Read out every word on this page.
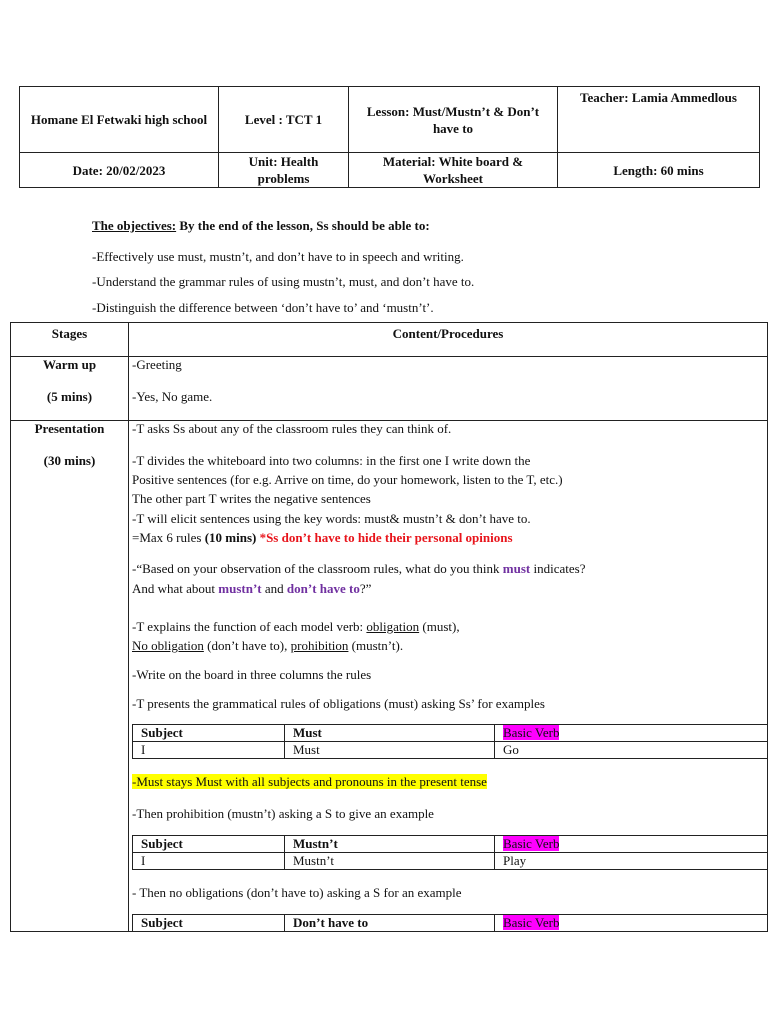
Homane El Fetwaki high school	Level : TCT 1	Lesson: Must/Mustn’t & Don’t have to	Teacher: Lamia Ammedlous
Date: 20/02/2023	Unit: Health problems	Material: White board & Worksheet	Length: 60 mins
The objectives: By the end of the lesson, Ss should be able to:
-Effectively use must, mustn’t, and don’t have to in speech and writing.
-Understand the grammar rules of using mustn’t, must, and don’t have to.
-Distinguish the difference between ‘don’t have to’ and ‘mustn’t’.
Stages	Content/Procedures
Warm up
(5 mins)
-Greeting
-Yes, No game.
Presentation
(30 mins)
-T asks Ss about any of the classroom rules they can think of.
-T divides the whiteboard into two columns: in the first one I write down the
Positive sentences (for e.g. Arrive on time, do your homework, listen to the T, etc.)
The other part T writes the negative sentences
-T will elicit sentences using the key words: must& mustn’t & don’t have to.
=Max 6 rules (10 mins) *Ss don’t have to hide their personal opinions
-“Based on your observation of the classroom rules, what do you think must indicates?
And what about mustn’t and don’t have to?”
-T explains the function of each model verb: obligation (must),
No obligation (don’t have to), prohibition (mustn’t).
-Write on the board in three columns the rules
-T presents the grammatical rules of obligations (must) asking Ss’ for examples
Subject	Must	Basic Verb
I	Must	Go
-Must stays Must with all subjects and pronouns in the present tense
-Then prohibition (mustn’t) asking a S to give an example
Subject	Mustn’t	Basic Verb
I	Mustn’t	Play
- Then no obligations (don’t have to) asking a S for an example
Subject	Don’t have to	Basic Verb
